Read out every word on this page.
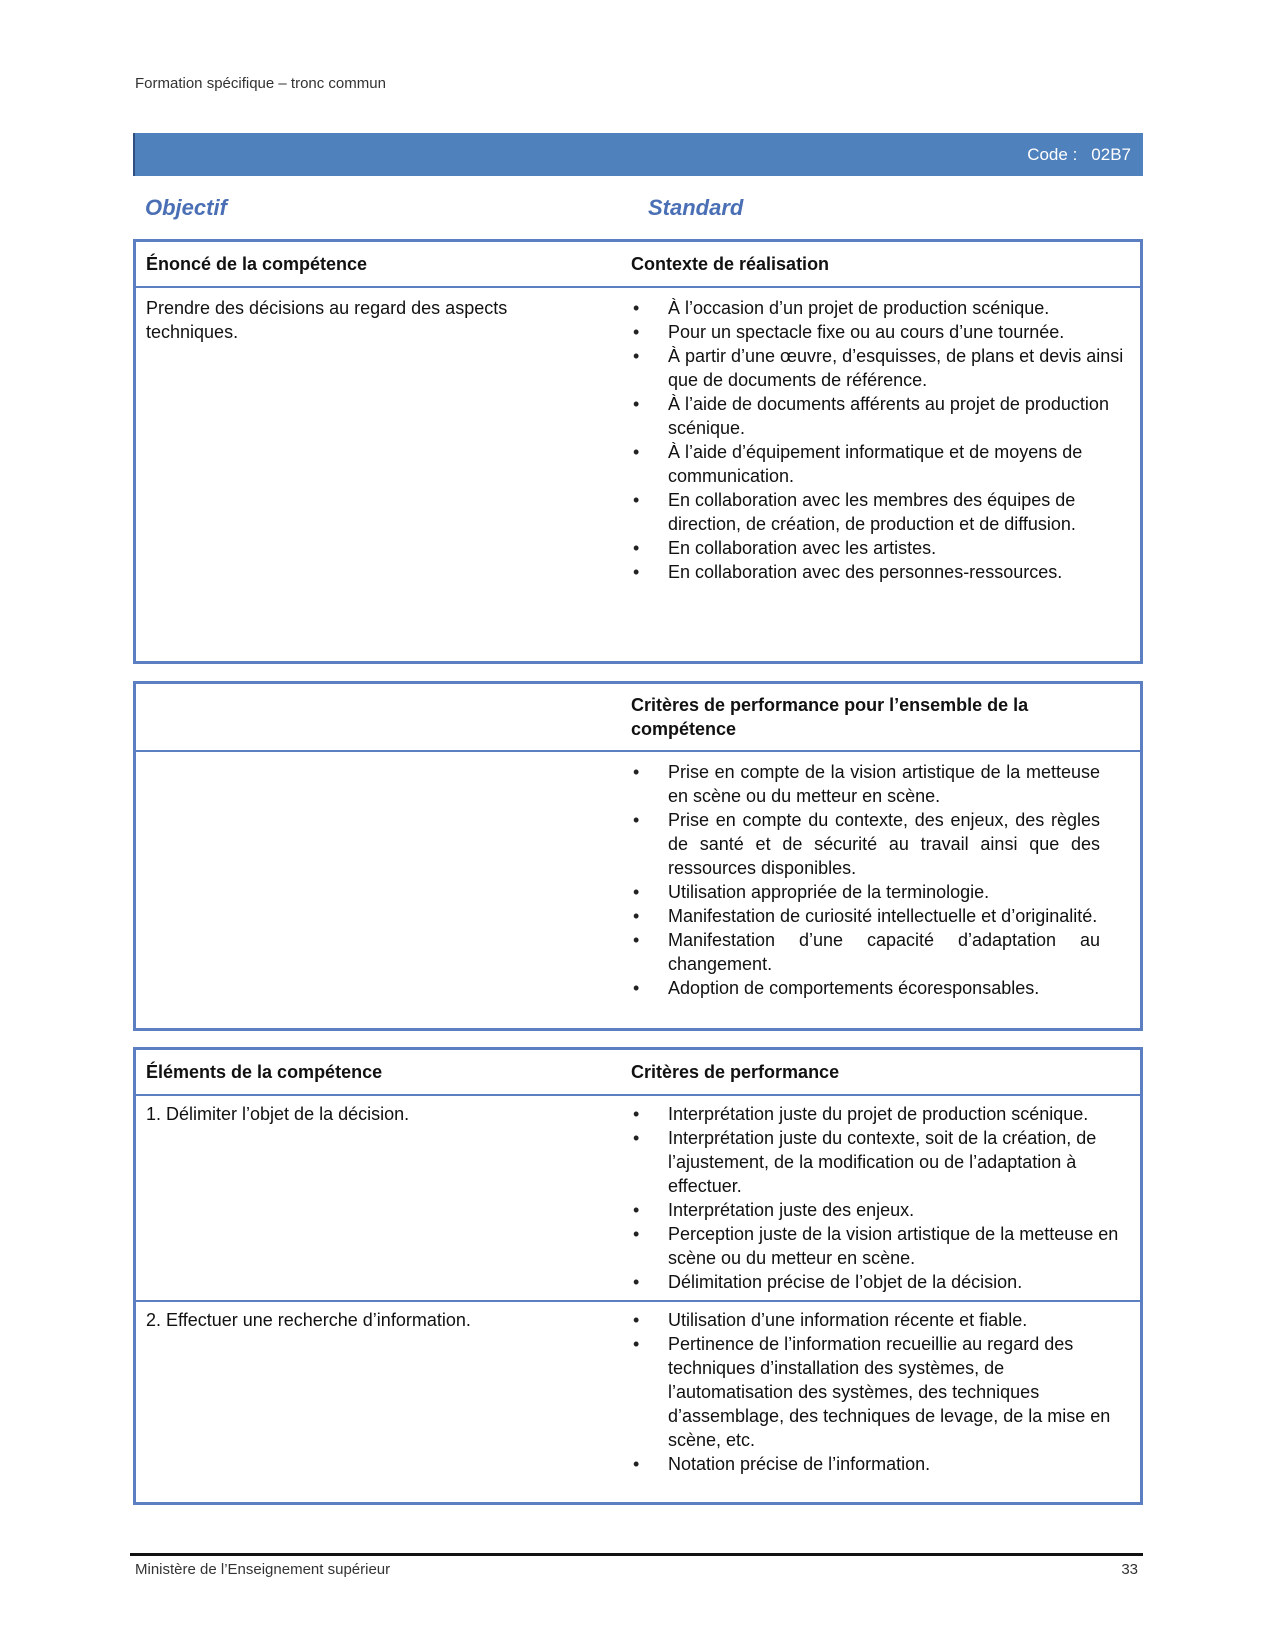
Formation spécifique – tronc commun
Code : 02B7
Objectif	Standard
Énoncé de la compétence	Contexte de réalisation
Prendre des décisions au regard des aspects techniques.
• À l’occasion d’un projet de production scénique.
• Pour un spectacle fixe ou au cours d’une tournée.
• À partir d’une œuvre, d’esquisses, de plans et devis ainsi que de documents de référence.
• À l’aide de documents afférents au projet de production scénique.
• À l’aide d’équipement informatique et de moyens de communication.
• En collaboration avec les membres des équipes de direction, de création, de production et de diffusion.
• En collaboration avec les artistes.
• En collaboration avec des personnes-ressources.
Critères de performance pour l’ensemble de la compétence
• Prise en compte de la vision artistique de la metteuse en scène ou du metteur en scène.
• Prise en compte du contexte, des enjeux, des règles de santé et de sécurité au travail ainsi que des ressources disponibles.
• Utilisation appropriée de la terminologie.
• Manifestation de curiosité intellectuelle et d’originalité.
• Manifestation d’une capacité d’adaptation au changement.
• Adoption de comportements écoresponsables.
Éléments de la compétence	Critères de performance
1. Délimiter l’objet de la décision.	• Interprétation juste du projet de production scénique.
• Interprétation juste du contexte, soit de la création, de l’ajustement, de la modification ou de l’adaptation à effectuer.
• Interprétation juste des enjeux.
• Perception juste de la vision artistique de la metteuse en scène ou du metteur en scène.
• Délimitation précise de l’objet de la décision.
2. Effectuer une recherche d’information.	• Utilisation d’une information récente et fiable.
• Pertinence de l’information recueillie au regard des techniques d’installation des systèmes, de l’automatisation des systèmes, des techniques d’assemblage, des techniques de levage, de la mise en scène, etc.
• Notation précise de l’information.
Ministère de l’Enseignement supérieur	33
